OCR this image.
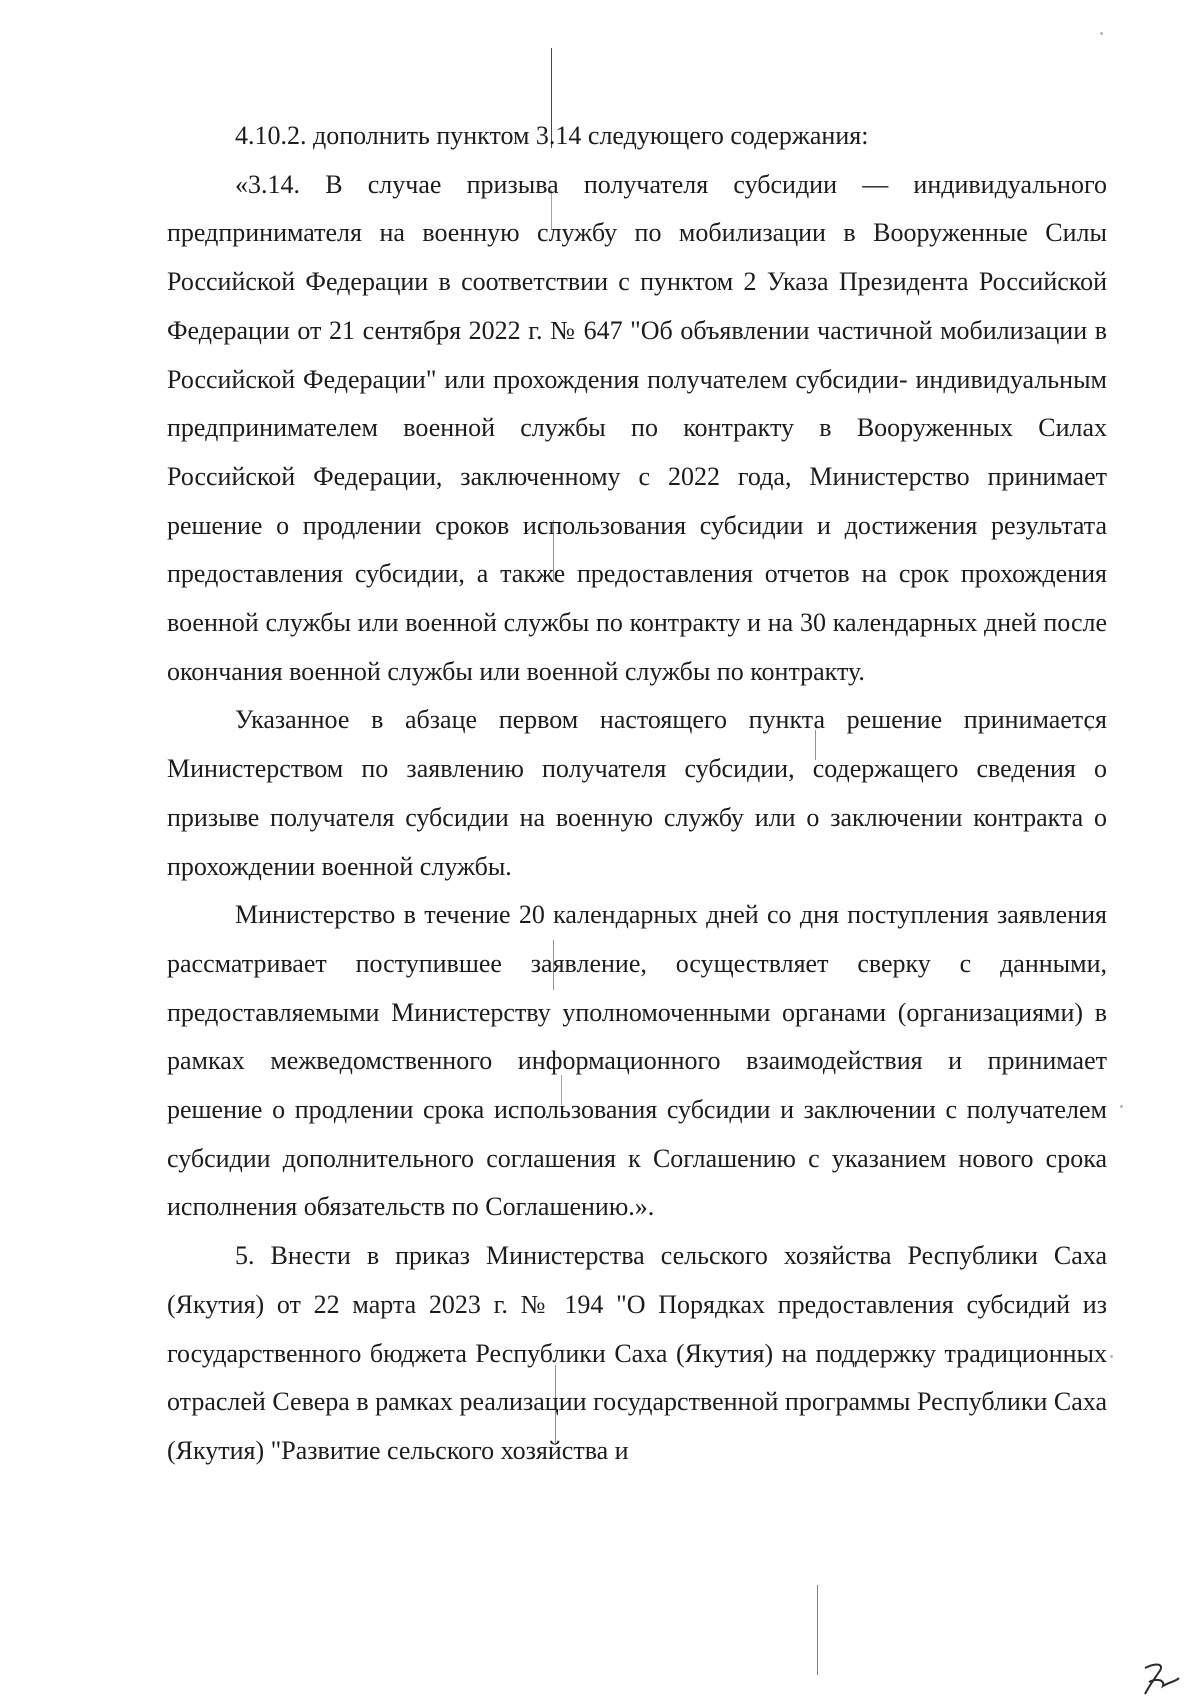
4.10.2. дополнить пунктом 3.14 следующего содержания:

«3.14. В случае призыва получателя субсидии — индивидуального предпринимателя на военную службу по мобилизации в Вооруженные Силы Российской Федерации в соответствии с пунктом 2 Указа Президента Российской Федерации от 21 сентября 2022 г. № 647 "Об объявлении частичной мобилизации в Российской Федерации" или прохождения получателем субсидии- индивидуальным предпринимателем военной службы по контракту в Вооруженных Силах Российской Федерации, заключенному с 2022 года, Министерство принимает решение о продлении сроков использования субсидии и достижения результата предоставления субсидии, а также предоставления отчетов на срок прохождения военной службы или военной службы по контракту и на 30 календарных дней после окончания военной службы или военной службы по контракту.

Указанное в абзаце первом настоящего пункта решение принимается Министерством по заявлению получателя субсидии, содержащего сведения о призыве получателя субсидии на военную службу или о заключении контракта о прохождении военной службы.

Министерство в течение 20 календарных дней со дня поступления заявления рассматривает поступившее заявление, осуществляет сверку с данными, предоставляемыми Министерству уполномоченными органами (организациями) в рамках межведомственного информационного взаимодействия и принимает решение о продлении срока использования субсидии и заключении с получателем субсидии дополнительного соглашения к Соглашению с указанием нового срока исполнения обязательств по Соглашению.».

5. Внести в приказ Министерства сельского хозяйства Республики Саха (Якутия) от 22 марта 2023 г. № 194 "О Порядках предоставления субсидий из государственного бюджета Республики Саха (Якутия) на поддержку традиционных отраслей Севера в рамках реализации государственной программы Республики Саха (Якутия) "Развитие сельского хозяйства и
